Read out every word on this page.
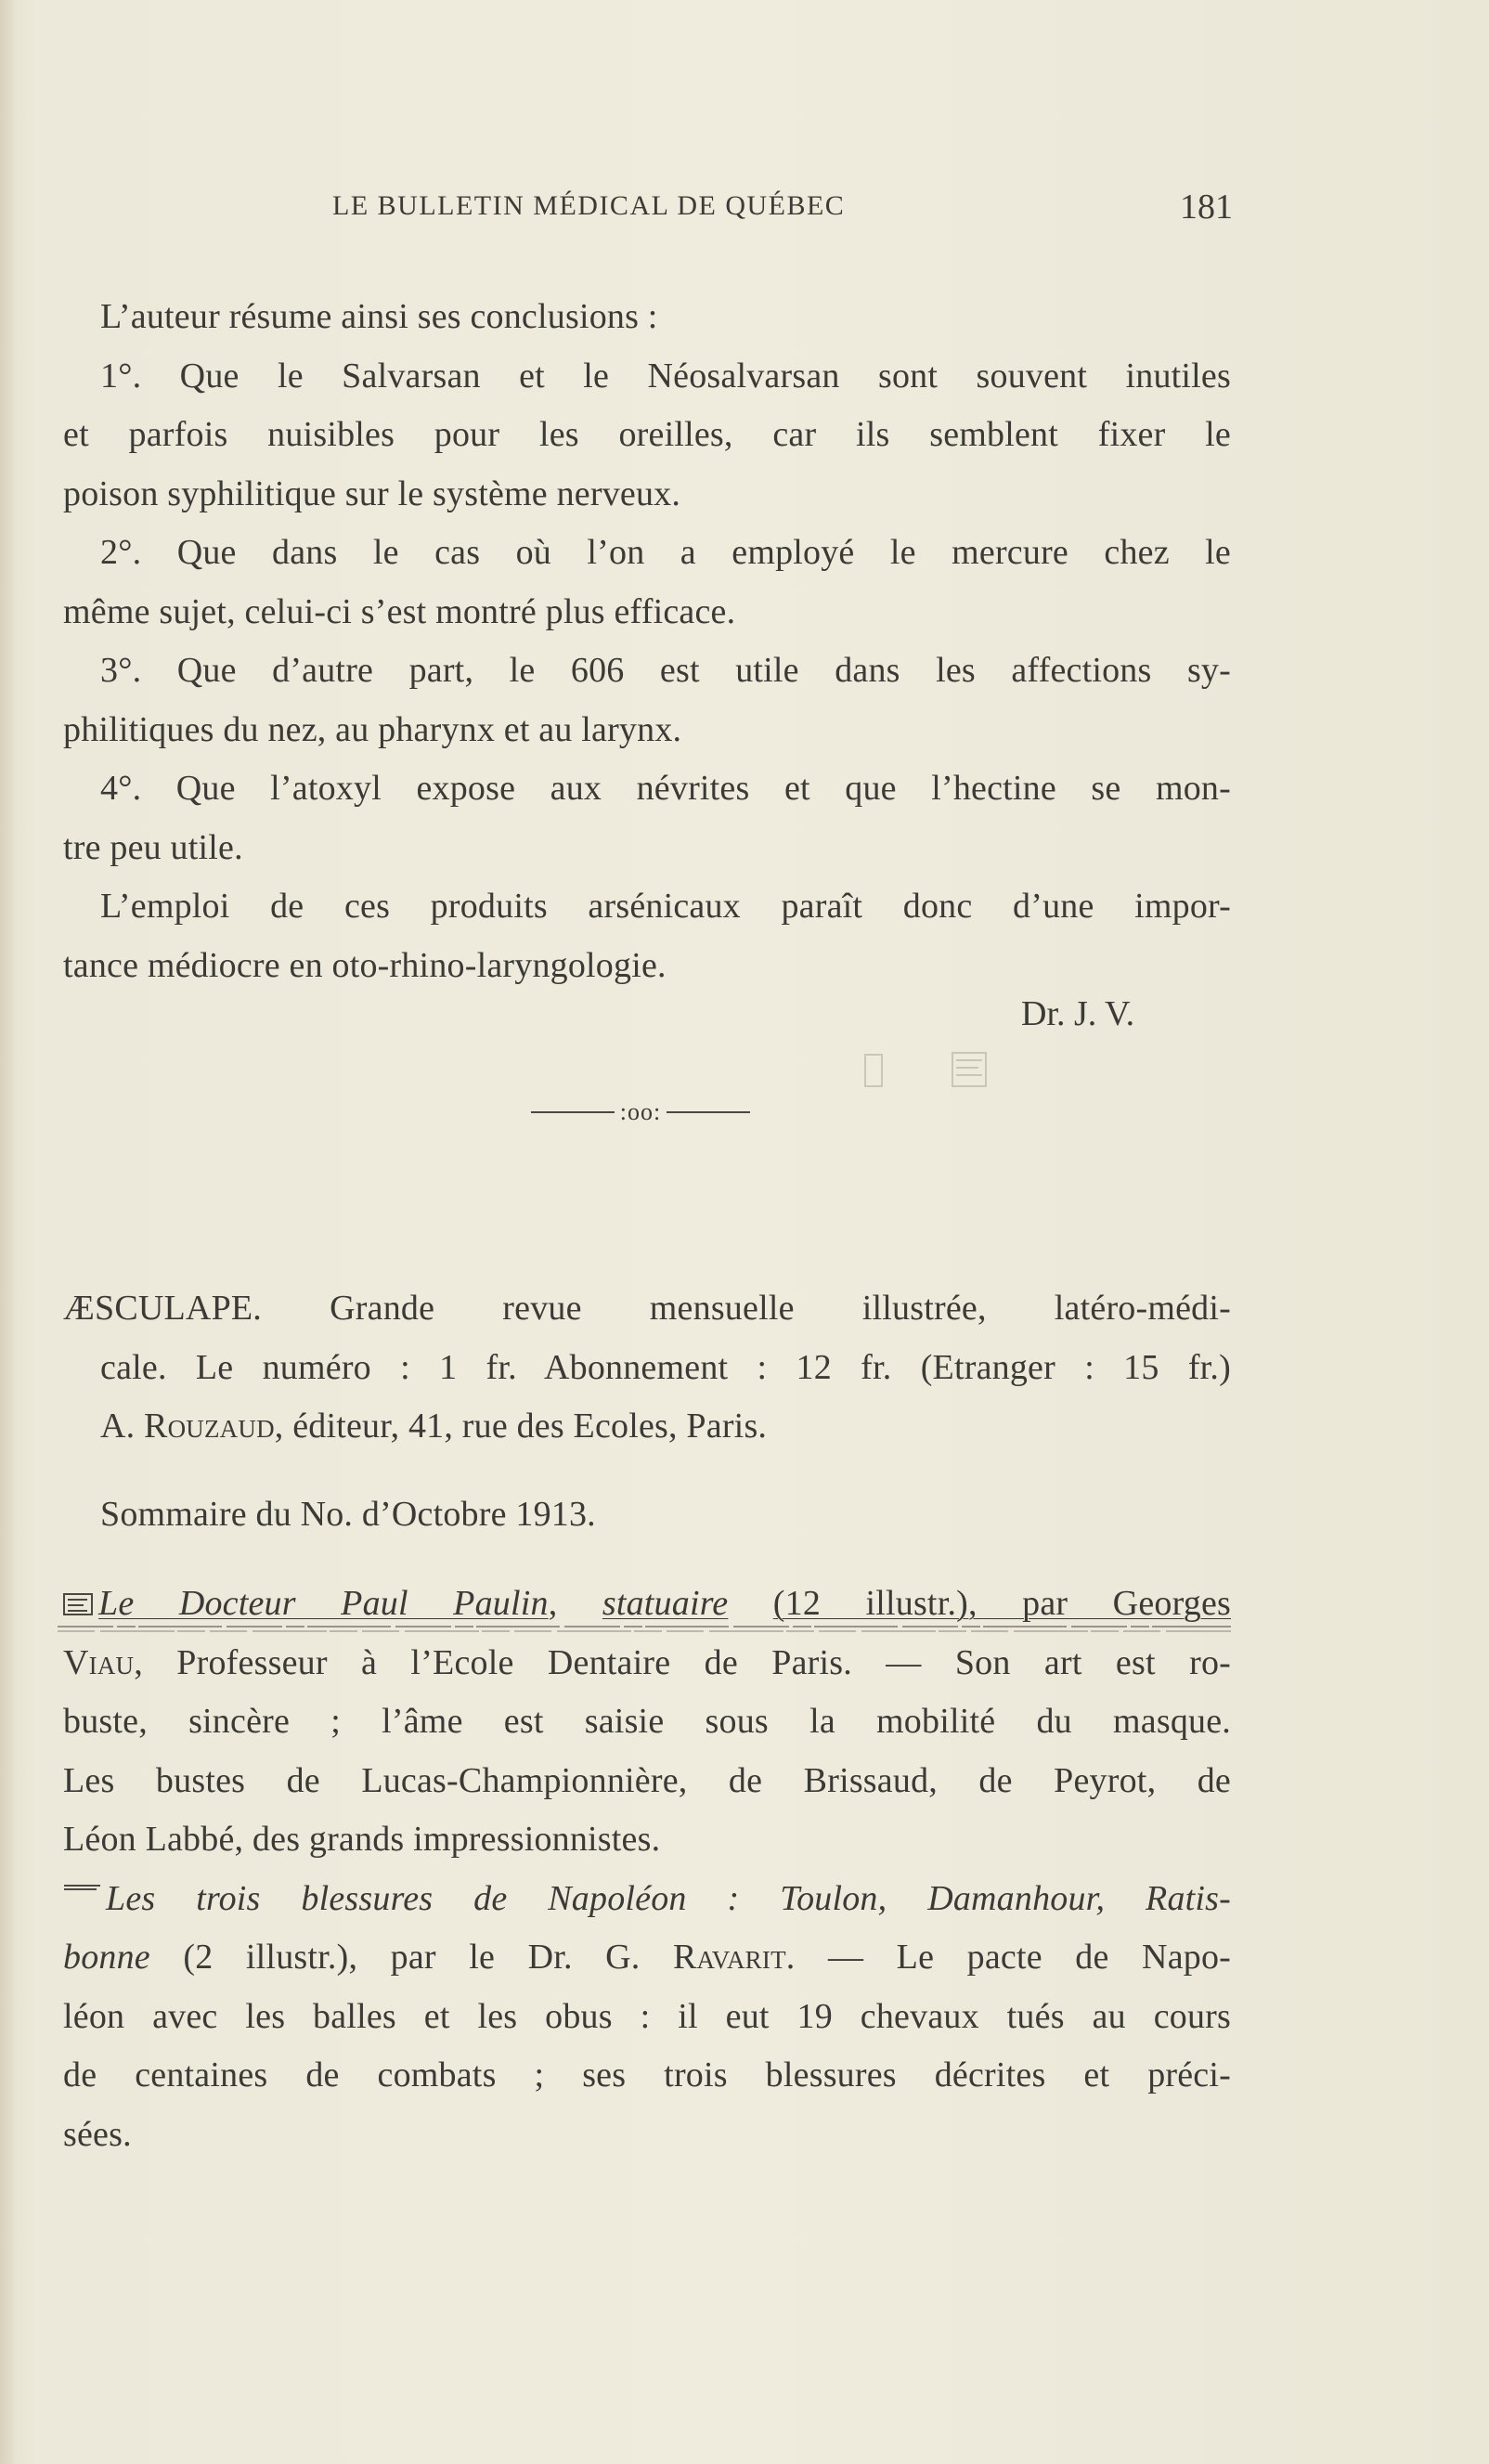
LE BULLETIN MÉDICAL DE QUÉBEC	181
L’auteur résume ainsi ses conclusions :
1°. Que le Salvarsan et le Néosalvarsan sont souvent inutiles
et parfois nuisibles pour les oreilles, car ils semblent fixer le
poison syphilitique sur le système nerveux.
2°. Que dans le cas où l’on a employé le mercure chez le
même sujet, celui-ci s’est montré plus efficace.
3°. Que d’autre part, le 606 est utile dans les affections sy-
philitiques du nez, au pharynx et au larynx.
4°. Que l’atoxyl expose aux névrites et que l’hectine se mon-
tre peu utile.
L’emploi de ces produits arsénicaux paraît donc d’une impor-
tance médiocre en oto-rhino-laryngologie.
Dr. J. V.
:oo:
ÆSCULAPE. Grande revue mensuelle illustrée, latéro-médi-
cale. Le numéro : 1 fr. Abonnement : 12 fr. (Etranger : 15 fr.)
A. Rouzaud, éditeur, 41, rue des Ecoles, Paris.
Sommaire du No. d’Octobre 1913.
Le Docteur Paul Paulin, statuaire (12 illustr.), par Georges
Viau, Professeur à l’Ecole Dentaire de Paris. — Son art est ro-
buste, sincère ; l’âme est saisie sous la mobilité du masque.
Les bustes de Lucas-Championnière, de Brissaud, de Peyrot, de
Léon Labbé, des grands impressionnistes.
Les trois blessures de Napoléon : Toulon, Damanhour, Ratis-
bonne (2 illustr.), par le Dr. G. Ravarit. — Le pacte de Napo-
léon avec les balles et les obus : il eut 19 chevaux tués au cours
de centaines de combats ; ses trois blessures décrites et préci-
sées.
